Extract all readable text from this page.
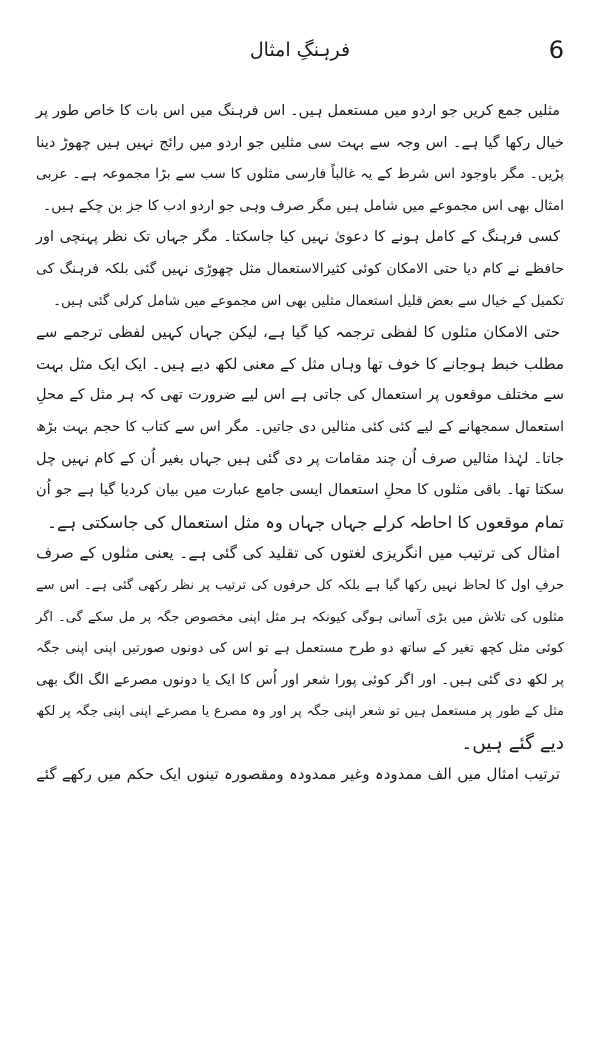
6
فرہنگِ امثال
مثلیں جمع کریں جو اردو میں مستعمل ہیں۔ اس فرہنگ میں اس بات کا خاص طور پر
خیال رکھا گیا ہے۔ اس وجہ سے بہت سی مثلیں جو اردو میں رائج نہیں ہیں چھوڑ دینا
پڑیں۔ مگر باوجود اس شرط کے یہ غالباً فارسی مثلوں کا سب سے بڑا مجموعہ ہے۔ عربی
امثال بھی اس مجموعے میں شامل ہیں مگر صرف وہی جو اردو ادب کا جز بن چکے ہیں۔
کسی فرہنگ کے کامل ہونے کا دعویٰ نہیں کیا جاسکتا۔ مگر جہاں تک نظر پہنچی اور
حافظے نے کام دیا حتی الامکان کوئی کثیرالاستعمال مثل چھوڑی نہیں گئی بلکہ فرہنگ کی
تکمیل کے خیال سے بعض قلیل استعمال مثلیں بھی اس مجموعے میں شامل کرلی گئی ہیں۔
حتی الامکان مثلوں کا لفظی ترجمہ کیا گیا ہے، لیکن جہاں کہیں لفظی ترجمے سے
مطلب خبط ہوجانے کا خوف تھا وہاں مثل کے معنی لکھ دیے ہیں۔ ایک ایک مثل بہت
سے مختلف موقعوں پر استعمال کی جاتی ہے اس لیے ضرورت تھی کہ ہر مثل کے محلِ
استعمال سمجھانے کے لیے کئی کئی مثالیں دی جاتیں۔ مگر اس سے کتاب کا حجم بہت بڑھ
جاتا۔ لہٰذا مثالیں صرف اُن چند مقامات پر دی گئی ہیں جہاں بغیر اُن کے کام نہیں چل
سکتا تھا۔ باقی مثلوں کا محلِ استعمال ایسی جامع عبارت میں بیان کردیا گیا ہے جو اُن
تمام موقعوں کا احاطہ کرلے جہاں جہاں وہ مثل استعمال کی جاسکتی ہے۔
امثال کی ترتیب میں انگریزی لغتوں کی تقلید کی گئی ہے۔ یعنی مثلوں کے صرف
حرفِ اول کا لحاظ نہیں رکھا گیا ہے بلکہ کل حرفوں کی ترتیب پر نظر رکھی گئی ہے۔ اس سے
مثلوں کی تلاش میں بڑی آسانی ہوگی کیونکہ ہر مثل اپنی مخصوص جگہ پر مل سکے گی۔ اگر
کوئی مثل کچھ تغیر کے ساتھ دو طرح مستعمل ہے تو اس کی دونوں صورتیں اپنی اپنی جگہ
پر لکھ دی گئی ہیں۔ اور اگر کوئی پورا شعر اور اُس کا ایک یا دونوں مصرعے الگ الگ بھی
مثل کے طور پر مستعمل ہیں تو شعر اپنی جگہ پر اور وہ مصرع یا مصرعے اپنی اپنی جگہ پر لکھ
دیے گئے ہیں۔
ترتیب امثال میں الف ممدودہ وغیر ممدودہ ومقصورہ تینوں ایک حکم میں رکھے گئے
